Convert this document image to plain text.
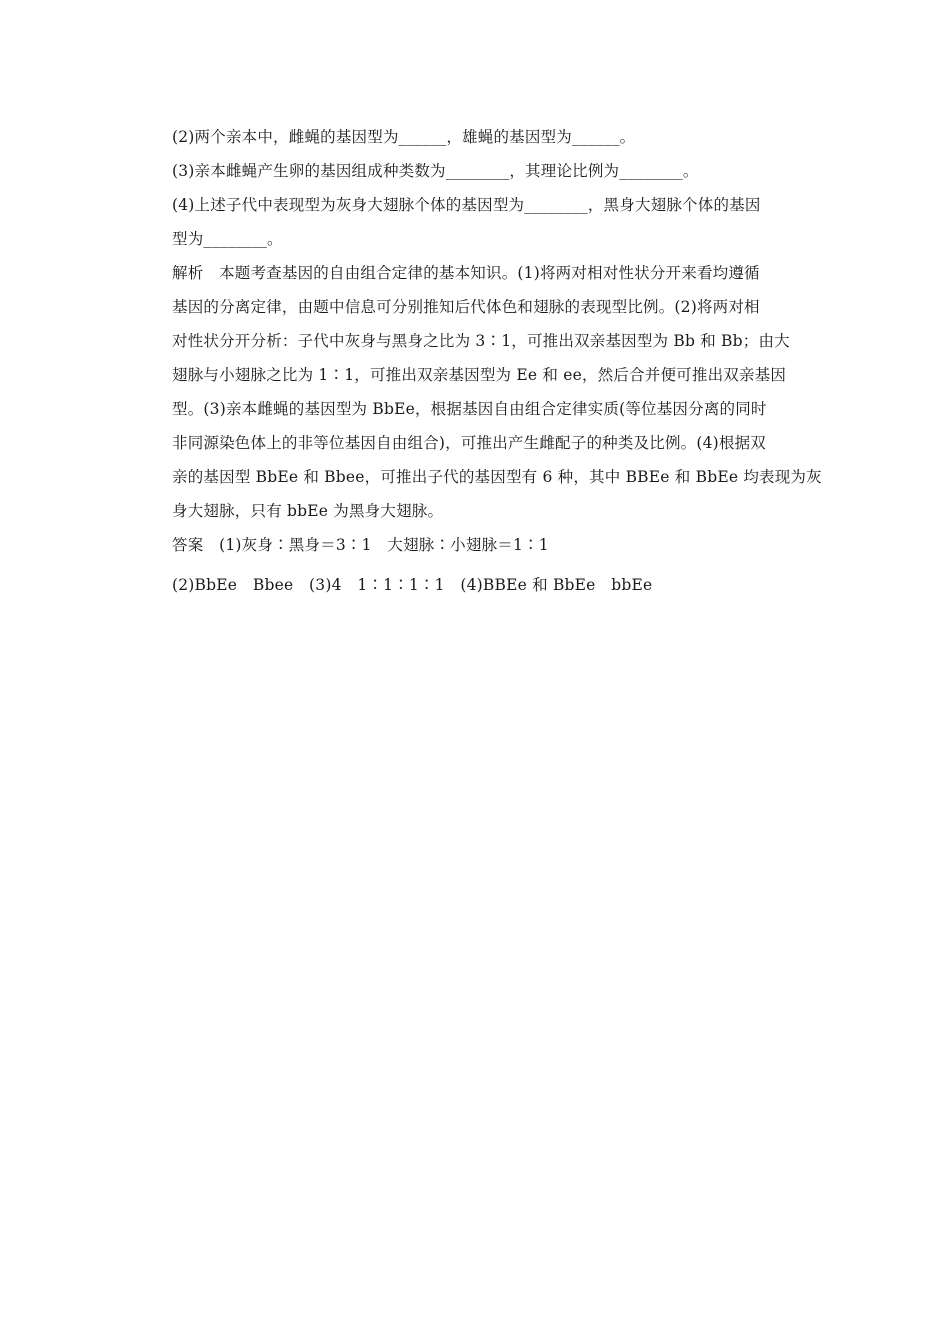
(2)两个亲本中，雌蝇的基因型为______，雄蝇的基因型为______。
(3)亲本雌蝇产生卵的基因组成种类数为________，其理论比例为________。
(4)上述子代中表现型为灰身大翅脉个体的基因型为________，黑身大翅脉个体的基因
型为________。
解析　本题考查基因的自由组合定律的基本知识。(1)将两对相对性状分开来看均遵循
基因的分离定律，由题中信息可分别推知后代体色和翅脉的表现型比例。(2)将两对相
对性状分开分析：子代中灰身与黑身之比为 3∶1，可推出双亲基因型为 Bb 和 Bb；由大
翅脉与小翅脉之比为 1∶1，可推出双亲基因型为 Ee 和 ee，然后合并便可推出双亲基因
型。(3)亲本雌蝇的基因型为 BbEe，根据基因自由组合定律实质(等位基因分离的同时
非同源染色体上的非等位基因自由组合)，可推出产生雌配子的种类及比例。(4)根据双
亲的基因型 BbEe 和 Bbee，可推出子代的基因型有 6 种，其中 BBEe 和 BbEe 均表现为灰
身大翅脉，只有 bbEe 为黑身大翅脉。
答案　(1)灰身∶黑身＝3∶1　大翅脉∶小翅脉＝1∶1
(2)BbEe　Bbee　(3)4　1∶1∶1∶1　(4)BBEe 和 BbEe　bbEe
